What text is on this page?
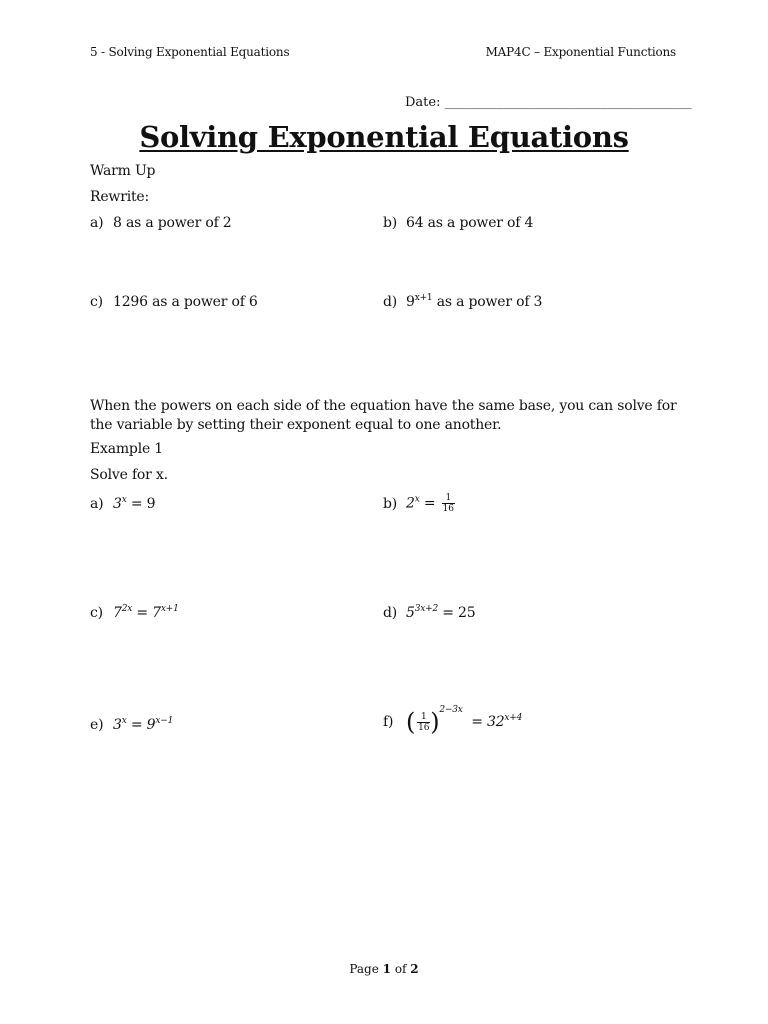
5 - Solving Exponential Equations	MAP4C – Exponential Functions
Date: ______________________________________
Solving Exponential Equations
Warm Up
Rewrite:
a) 8 as a power of 2	b) 64 as a power of 4
c) 1296 as a power of 6	d) $9^{x+1}$ as a power of 3
When the powers on each side of the equation have the same base, you can solve for the variable by setting their exponent equal to one another.
Example 1
Solve for x.
a) $3^x = 9$	b) $2^x = \frac{1}{16}$
c) $7^{2x} = 7^{x+1}$	d) $5^{3x+2} = 25$
e) $3^x = 9^{x-1}$	f) ( $\frac{1}{16} )^{2-3x} = 32^{x+4}$
Page 1 of 2
